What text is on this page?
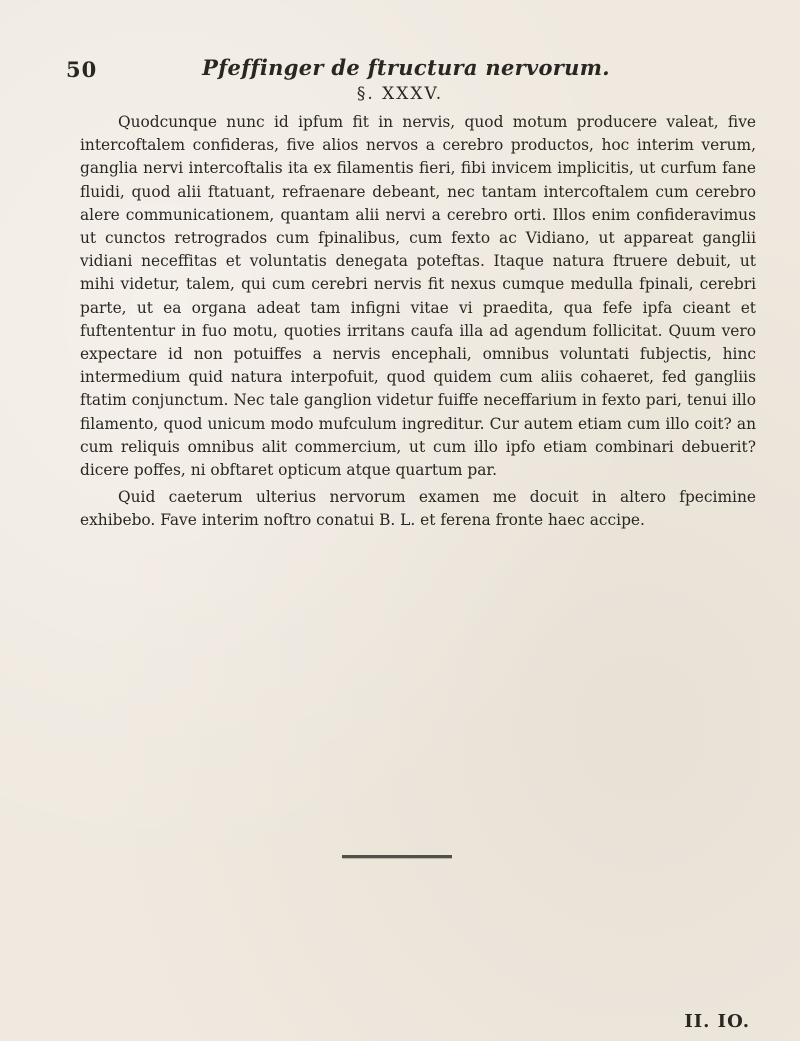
50	Pfeffinger de ftructura nervorum.
§. XXXV.

Quodcunque nunc id ipfum fit in nervis, quod motum producere valeat, five intercoftalem confideras, five alios nervos a cerebro productos, hoc interim verum, ganglia nervi intercoftalis ita ex filamentis fieri, fibi invicem implicitis, ut curfum fane fluidi, quod alii ftatuant, refraenare debeant, nec tantam intercoftalem cum cerebro alere communicationem, quantam alii nervi a cerebro orti. Illos enim confideravimus ut cunctos retrogrados cum fpinalibus, cum fexto ac Vidiano, ut appareat ganglii vidiani neceffitas et voluntatis denegata poteftas. Itaque natura ftruere debuit, ut mihi videtur, talem, qui cum cerebri nervis fit nexus cumque medulla fpinali, cerebri parte, ut ea organa adeat tam infigni vitae vi praedita, qua fefe ipfa cieant et fuftententur in fuo motu, quoties irritans caufa illa ad agendum follicitat. Quum vero expectare id non potuiffes a nervis encephali, omnibus voluntati fubjectis, hinc intermedium quid natura interpofuit, quod quidem cum aliis cohaeret, fed gangliis ftatim conjunctum. Nec tale ganglion videtur fuiffe neceffarium in fexto pari, tenui illo filamento, quod unicum modo mufculum ingreditur. Cur autem etiam cum illo coit? an cum reliquis omnibus alit commercium, ut cum illo ipfo etiam combinari debuerit? dicere poffes, ni obftaret opticum atque quartum par.

Quid caeterum ulterius nervorum examen me docuit in altero fpecimine exhibebo. Fave interim noftro conatui B. L. et ferena fronte haec accipe.

II. IO.
